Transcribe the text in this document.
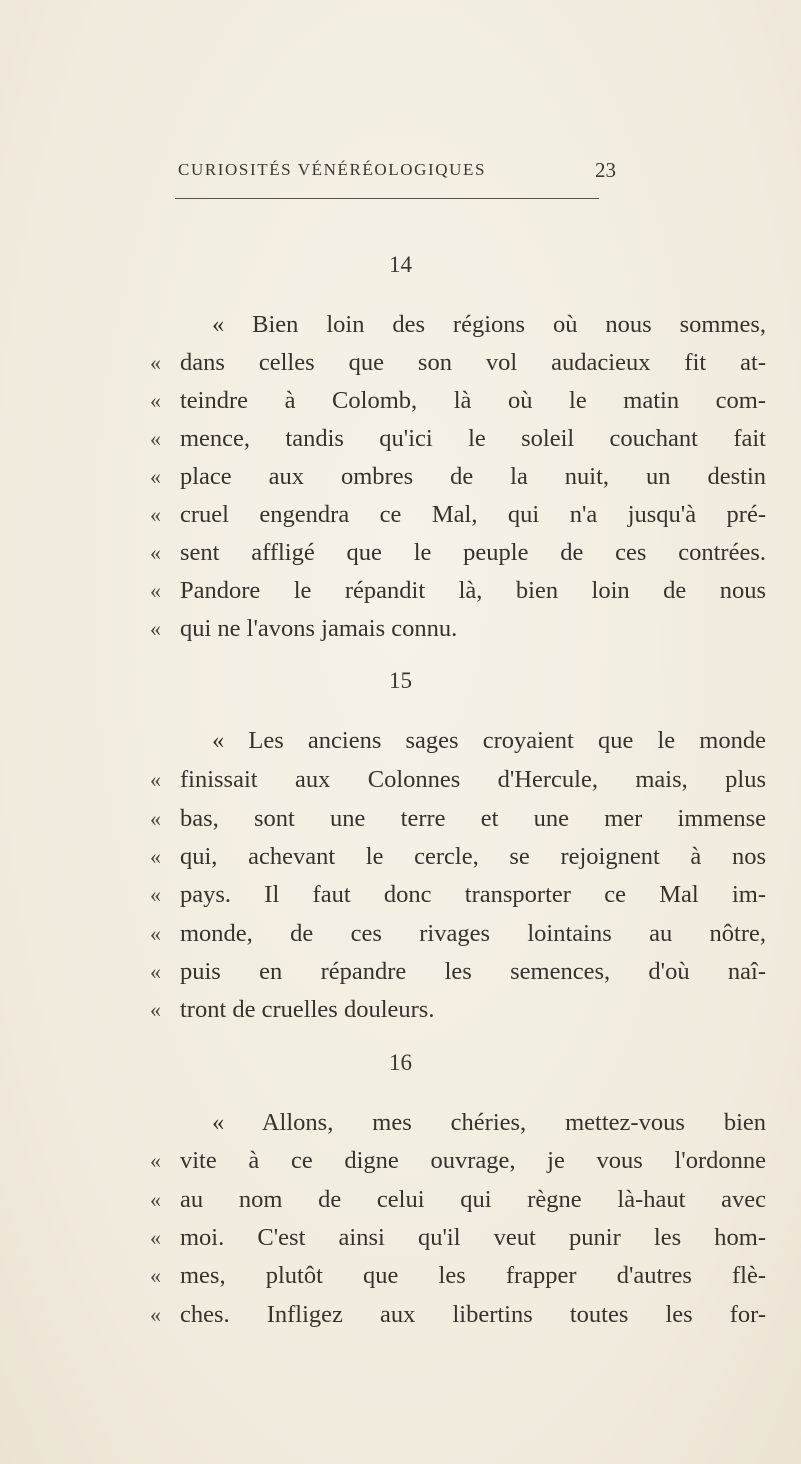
CURIOSITÉS VÉNÉRÉOLOGIQUES	23
14
« Bien loin des régions où nous sommes,
« dans celles que son vol audacieux fit at-
« teindre à Colomb, là où le matin com-
« mence, tandis qu'ici le soleil couchant fait
« place aux ombres de la nuit, un destin
« cruel engendra ce Mal, qui n'a jusqu'à pré-
« sent affligé que le peuple de ces contrées.
« Pandore le répandit là, bien loin de nous
« qui ne l'avons jamais connu.
15
« Les anciens sages croyaient que le monde
« finissait aux Colonnes d'Hercule, mais, plus
« bas, sont une terre et une mer immense
« qui, achevant le cercle, se rejoignent à nos
« pays. Il faut donc transporter ce Mal im-
« monde, de ces rivages lointains au nôtre,
« puis en répandre les semences, d'où naî-
« tront de cruelles douleurs.
16
« Allons, mes chéries, mettez-vous bien
« vite à ce digne ouvrage, je vous l'ordonne
« au nom de celui qui règne là-haut avec
« moi. C'est ainsi qu'il veut punir les hom-
« mes, plutôt que les frapper d'autres flè-
« ches. Infligez aux libertins toutes les for-
